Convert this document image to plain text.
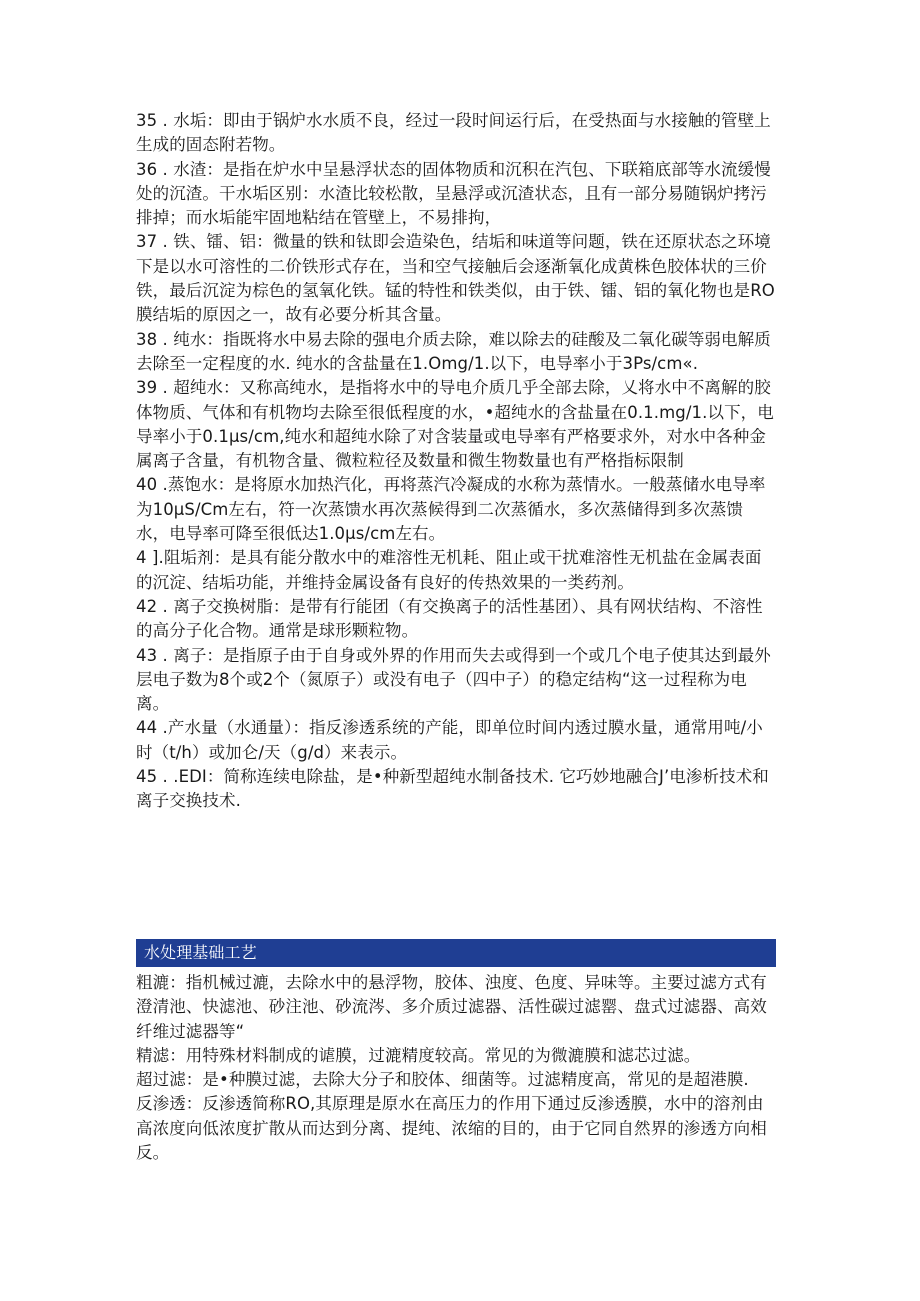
35 . 水垢：即由于锅炉水水质不良，经过一段时间运行后，在受热面与水接触的管壁上生成的固态附若物。

36 . 水渣：是指在炉水中呈悬浮状态的固体物质和沉积在汽包、下联箱底部等水流缓慢处的沉渣。干水垢区别：水渣比较松散，呈悬浮或沉渣状态，且有一部分易随锅炉拷污排掉；而水垢能牢固地粘结在管壁上，不易排拘，

37 . 铁、镭、铝：微量的铁和钛即会造染色，结垢和味道等问题，铁在还原状态之环境下是以水可溶性的二价铁形式存在，当和空气接触后会逐渐氧化成黄株色胶体状的三价铁，最后沉淀为棕色的氢氧化铁。锰的特性和铁类似，由于铁、镭、铝的氧化物也是RO膜结垢的原因之一，故有必要分析其含量。

38 . 纯水：指既将水中易去除的强电介质去除，难以除去的硅酸及二氧化碳等弱电解质去除至一定程度的水. 纯水的含盐量在1.Omg/1.以下，电导率小于3Ps/cm«.

39 . 超纯水：又称高纯水，是指将水中的导电介质几乎全部去除，乂将水中不离解的胶体物质、气体和有机物均去除至很低程度的水，•超纯水的含盐量在0.1.mg/1.以下，电导率小于0.1μs/cm,纯水和超纯水除了对含装量或电导率有严格要求外，对水中各种金属离子含量，有机物含量、微粒粒径及数量和微生物数量也有严格指标限制

40 .蒸饱水：是将原水加热汽化，再将蒸汽冷凝成的水称为蒸情水。一般蒸储水电导率为10μS/Cm左右，符一次蒸馈水再次蒸候得到二次蒸循水，多次蒸储得到多次蒸馈水，电导率可降至很低达1.0μs/cm左右。

4 ].阻垢剂：是具有能分散水中的难溶性无机耗、阻止或干扰难溶性无机盐在金属表面的沉淀、结垢功能，并维持金属设备有良好的传热效果的一类药剂。

42 . 离子交换树脂：是带有行能团（有交换离子的活性基团）、具有网状结构、不溶性的高分子化合物。通常是球形颗粒物。

43 . 离子：是指原子由于自身或外界的作用而失去或得到一个或几个电子使其达到最外层电子数为8个或2个（氮原子）或没有电子（四中子）的稳定结构“这一过程称为电离。

44 .产水量（水通量）：指反渗透系统的产能，即单位时间内透过膜水量，通常用吨/小时（t/h）或加仑/天（g/d）来表示。

45 . .EDI：简称连续电除盐，是•种新型超纯水制备技术. 它巧妙地融合J’电渗析技术和离子交换技术.

水处理基础工艺

粗漉：指机械过漉，去除水中的悬浮物，胶体、浊度、色度、异味等。主要过滤方式有澄清池、快滤池、砂注池、砂流涔、多介质过滤器、活性碳过滤罂、盘式过滤器、高效纤维过滤器等“

精滤：用特殊材料制成的谑膜，过漉精度较高。常见的为微漉膜和滤芯过滤。

超过滤：是•种膜过滤，去除大分子和胶体、细菌等。过滤精度高，常见的是超港膜.

反渗透：反渗透简称RO,其原理是原水在高压力的作用下通过反渗透膜，水中的溶剂由高浓度向低浓度扩散从而达到分离、提纯、浓缩的目的，由于它同自然界的渗透方向相反。
